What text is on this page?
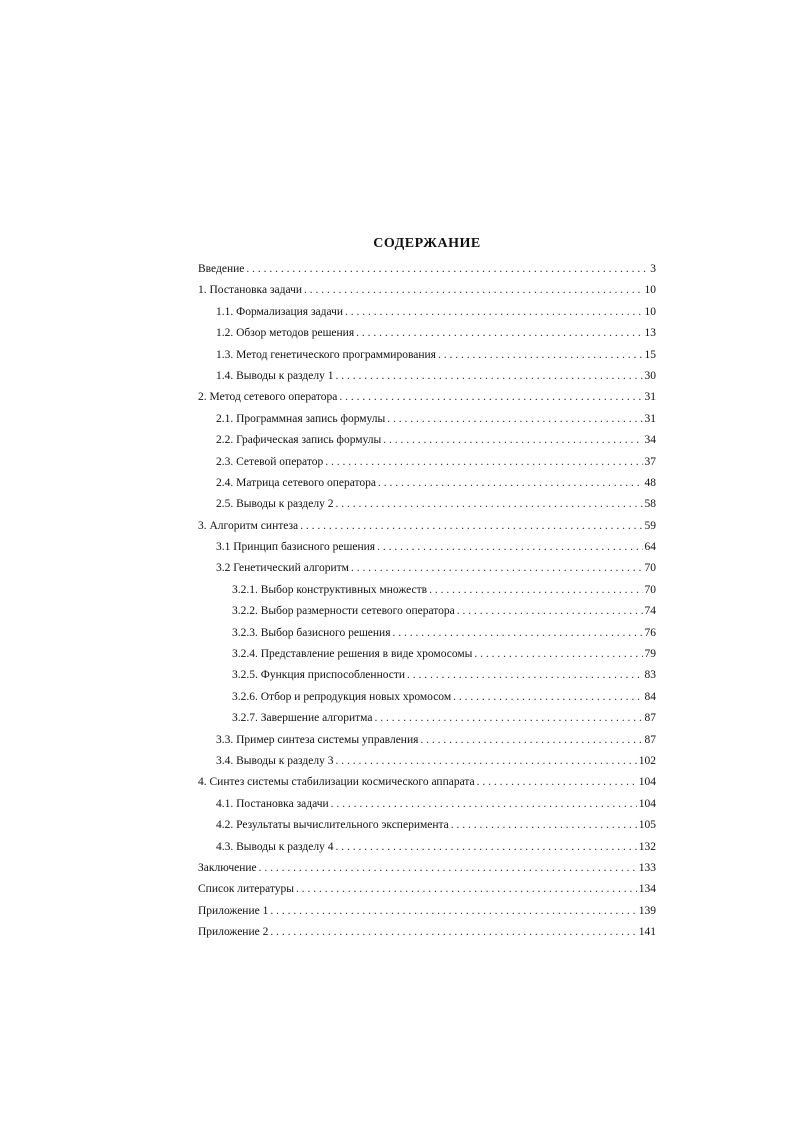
СОДЕРЖАНИЕ
Введение . . .	3
1. Постановка задачи . . .	10
1.1. Формализация задачи . . .	10
1.2. Обзор методов решения . . .	13
1.3. Метод генетического программирования . . .	15
1.4. Выводы к разделу 1 . . .	30
2. Метод сетевого оператора . . .	31
2.1. Программная запись формулы . . .	31
2.2. Графическая запись формулы . . .	34
2.3. Сетевой оператор . . .	37
2.4. Матрица сетевого оператора . . .	48
2.5. Выводы к разделу 2 . . .	58
3. Алгоритм синтеза . . .	59
3.1 Принцип базисного решения . . .	64
3.2 Генетический алгоритм . . .	70
3.2.1. Выбор конструктивных множеств . . .	70
3.2.2. Выбор размерности сетевого оператора . . .	74
3.2.3. Выбор базисного решения . . .	76
3.2.4. Представление решения в виде хромосомы . . .	79
3.2.5. Функция приспособленности . . .	83
3.2.6. Отбор и репродукция новых хромосом . . .	84
3.2.7. Завершение алгоритма . . .	87
3.3. Пример синтеза системы управления . . .	87
3.4. Выводы к разделу 3 . . .	102
4. Синтез системы стабилизации космического аппарата . . .	104
4.1. Постановка задачи . . .	104
4.2. Результаты вычислительного эксперимента . . .	105
4.3. Выводы к разделу 4 . . .	132
Заключение . . .	133
Список литературы . . .	134
Приложение 1 . . .	139
Приложение 2 . . .	141
